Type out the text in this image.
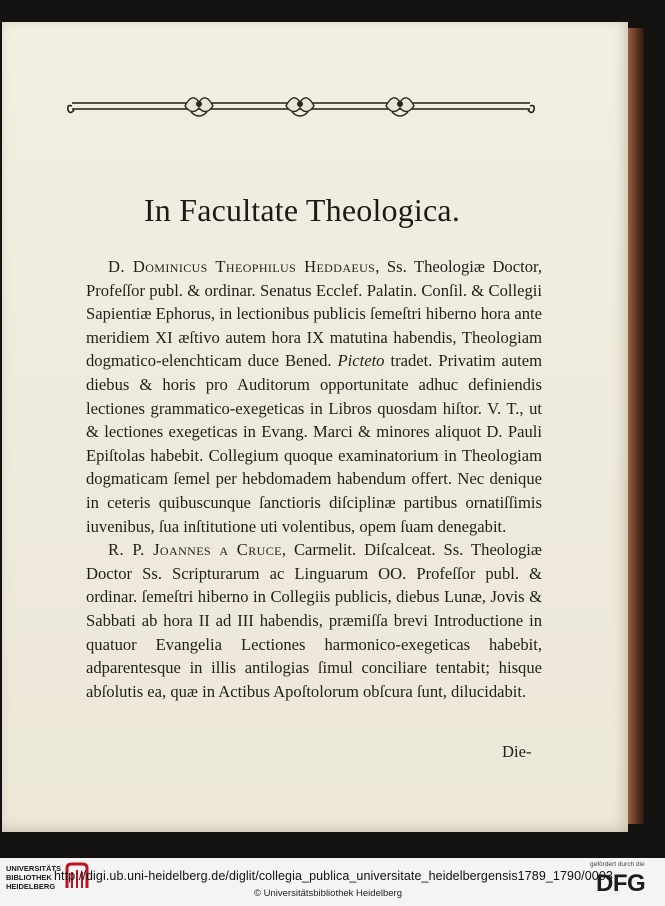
In Facultate Theologica.

D. Dominicus Theophilus Heddaeus, Ss. Theologiæ Doctor, Profeſſor publ. & ordinar. Senatus Ecclef. Palatin. Conſil. & Collegii Sapientiæ Ephorus, in lectionibus publicis ſemeſtri hiberno hora ante meridiem XI æſtivo autem hora IX matutina habendis, Theologiam dogmatico-elenchticam duce Bened. Picteto tradet. Privatim autem diebus & horis pro Auditorum opportunitate adhuc definiendis lectiones grammatico-exegeticas in Libros quosdam hiſtor. V. T., ut & lectiones exegeticas in Evang. Marci & minores aliquot D. Pauli Epiſtolas habebit. Collegium quoque examinatorium in Theologiam dogmaticam ſemel per hebdomadem habendum offert. Nec denique in ceteris quibuscunque ſanctioris diſciplinæ partibus ornatiſſimis iuvenibus, ſua inſtitutione uti volentibus, opem ſuam denegabit.

R. P. Joannes a Cruce, Carmelit. Diſcalceat. Ss. Theologiæ Doctor Ss. Scripturarum ac Linguarum OO. Profeſſor publ. & ordinar. ſemeſtri hiberno in Collegiis publicis, diebus Lunæ, Jovis & Sabbati ab hora II ad III habendis, præmiſſa brevi Introductione in quatuor Evangelia Lectiones harmonico-exegeticas habebit, adparentesque in illis antilogias ſimul conciliare tentabit; hisque abſolutis ea, quæ in Actibus Apoſtolorum obſcura ſunt, dilucidabit.

Die-
UNIVERSITÄTS
BIBLIOTHEK
HEIDELBERG
http://digi.ub.uni-heidelberg.de/diglit/collegia_publica_universitate_heidelbergensis1789_1790/0003
© Universitätsbibliothek Heidelberg
gefördert durch die
DFG
